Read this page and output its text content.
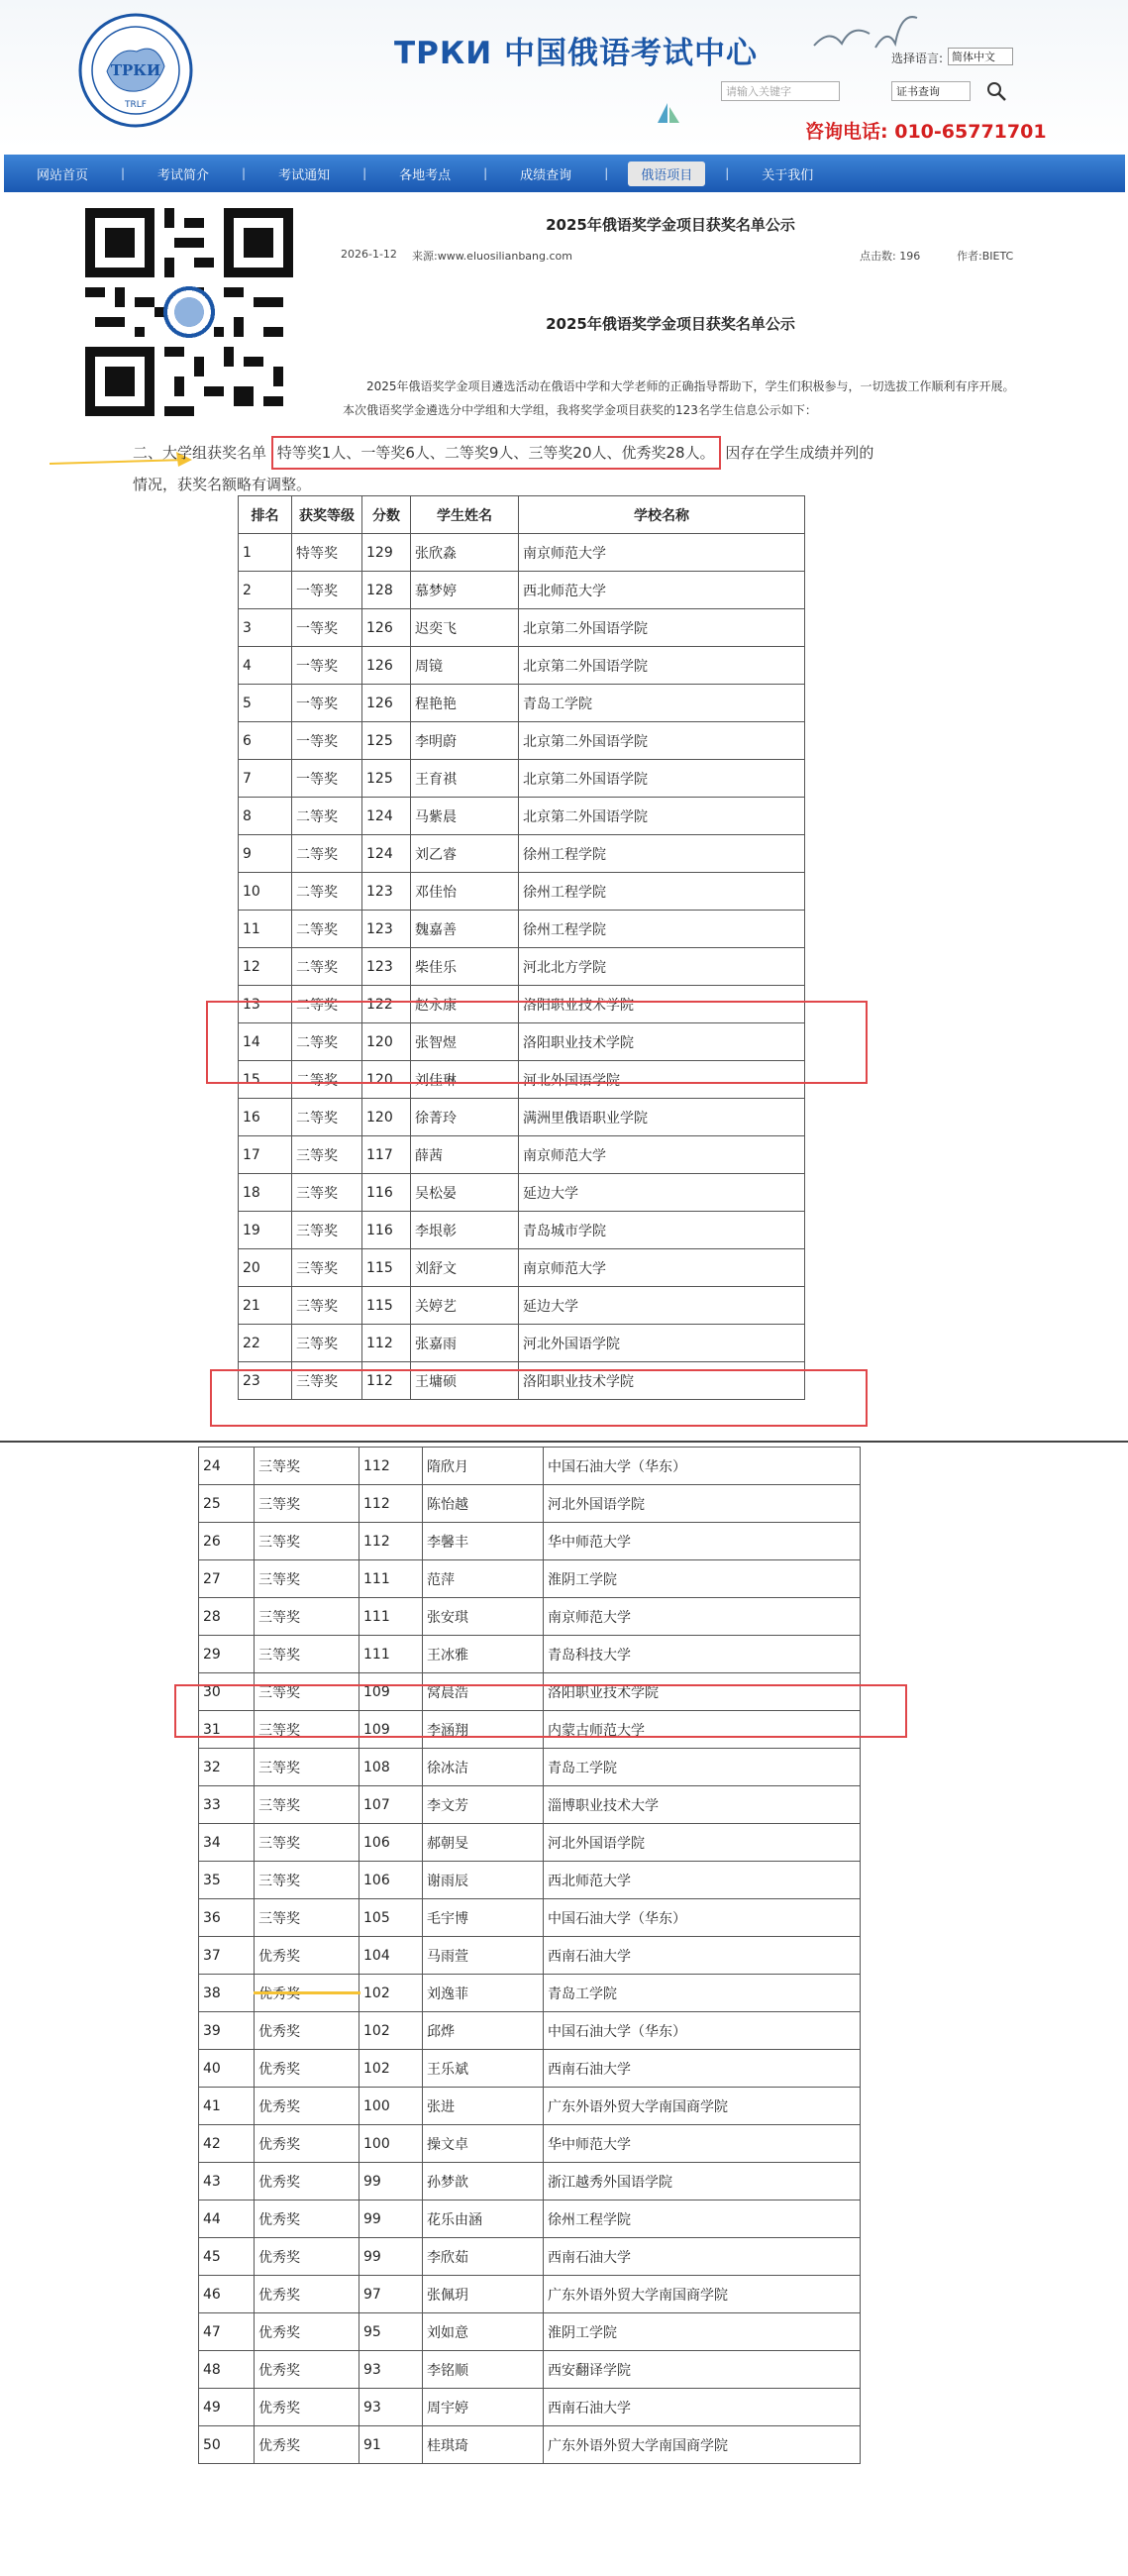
ТРКИ
TRLF
ТРКИ 中国俄语考试中心	选择语言: 简体中文
请输入关键字	证书查询
咨询电话: 010-65771701
网站首页	|	考试简介	|	考试通知	|	各地考点	|	成绩查询	|	俄语项目	|	关于我们
2025年俄语奖学金项目获奖名单公示
2026-1-12 来源:www.eluosilianbang.com	点击数: 196	作者:BIETC
2025年俄语奖学金项目获奖名单公示
2025年俄语奖学金项目遴选活动在俄语中学和大学老师的正确指导帮助下，学生们积极参与，一切选拔工作顺利有序开展。本次俄语奖学金遴选分中学组和大学组，我将奖学金项目获奖的123名学生信息公示如下：
二、大学组获奖名单 特等奖1人、一等奖6人、二等奖9人、三等奖20人、优秀奖28人。 因存在学生成绩并列的情况，获奖名额略有调整。
排名	获奖等级	分数	学生姓名	学校名称
1	特等奖	129	张欣淼	南京师范大学
2	一等奖	128	慕梦婷	西北师范大学
3	一等奖	126	迟奕飞	北京第二外国语学院
4	一等奖	126	周镜	北京第二外国语学院
5	一等奖	126	程艳艳	青岛工学院
6	一等奖	125	李明蔚	北京第二外国语学院
7	一等奖	125	王育祺	北京第二外国语学院
8	二等奖	124	马紫晨	北京第二外国语学院
9	二等奖	124	刘乙睿	徐州工程学院
10	二等奖	123	邓佳怡	徐州工程学院
11	二等奖	123	魏嘉善	徐州工程学院
12	二等奖	123	柴佳乐	河北北方学院
13	二等奖	122	赵永康	洛阳职业技术学院
14	二等奖	120	张智煜	洛阳职业技术学院
15	二等奖	120	刘佳琳	河北外国语学院
16	二等奖	120	徐菁玲	满洲里俄语职业学院
17	三等奖	117	薛茜	南京师范大学
18	三等奖	116	吴松晏	延边大学
19	三等奖	116	李垠彰	青岛城市学院
20	三等奖	115	刘舒文	南京师范大学
21	三等奖	115	关婷艺	延边大学
22	三等奖	112	张嘉雨	河北外国语学院
23	三等奖	112	王墉硕	洛阳职业技术学院
24	三等奖	112	隋欣月	中国石油大学（华东）
25	三等奖	112	陈怡越	河北外国语学院
26	三等奖	112	李馨丰	华中师范大学
27	三等奖	111	范萍	淮阴工学院
28	三等奖	111	张安琪	南京师范大学
29	三等奖	111	王冰雅	青岛科技大学
30	三等奖	109	窝晨浩	洛阳职业技术学院
31	三等奖	109	李涵翔	内蒙古师范大学
32	三等奖	108	徐冰洁	青岛工学院
33	三等奖	107	李文芳	淄博职业技术大学
34	三等奖	106	郝朝旻	河北外国语学院
35	三等奖	106	谢雨辰	西北师范大学
36	三等奖	105	毛宇博	中国石油大学（华东）
37	优秀奖	104	马雨萱	西南石油大学
38		102	刘逸菲	青岛工学院
39	优秀奖	102	邱烨	中国石油大学（华东）
40	优秀奖	102	王乐斌	西南石油大学
41	优秀奖	100	张进	广东外语外贸大学南国商学院
42	优秀奖	100	操文卓	华中师范大学
43	优秀奖	99	孙梦歆	浙江越秀外国语学院
44	优秀奖	99	花乐由涵	徐州工程学院
45	优秀奖	99	李欣茹	西南石油大学
46	优秀奖	97	张佩玥	广东外语外贸大学南国商学院
47	优秀奖	95	刘如意	淮阴工学院
48	优秀奖	93	李铭顺	西安翻译学院
49	优秀奖	93	周宇婷	西南石油大学
50	优秀奖	91	桂琪琦	广东外语外贸大学南国商学院
